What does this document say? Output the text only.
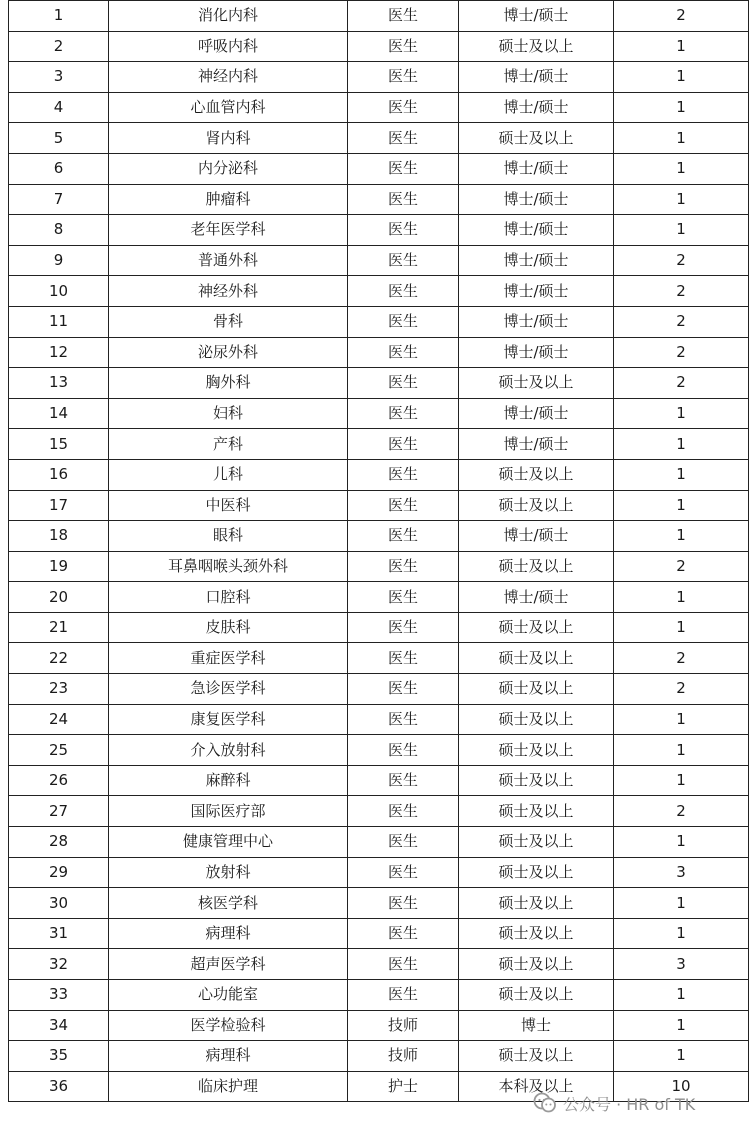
1	消化内科	医生	博士/硕士	2
2	呼吸内科	医生	硕士及以上	1
3	神经内科	医生	博士/硕士	1
4	心血管内科	医生	博士/硕士	1
5	肾内科	医生	硕士及以上	1
6	内分泌科	医生	博士/硕士	1
7	肿瘤科	医生	博士/硕士	1
8	老年医学科	医生	博士/硕士	1
9	普通外科	医生	博士/硕士	2
10	神经外科	医生	博士/硕士	2
11	骨科	医生	博士/硕士	2
12	泌尿外科	医生	博士/硕士	2
13	胸外科	医生	硕士及以上	2
14	妇科	医生	博士/硕士	1
15	产科	医生	博士/硕士	1
16	儿科	医生	硕士及以上	1
17	中医科	医生	硕士及以上	1
18	眼科	医生	博士/硕士	1
19	耳鼻咽喉头颈外科	医生	硕士及以上	2
20	口腔科	医生	博士/硕士	1
21	皮肤科	医生	硕士及以上	1
22	重症医学科	医生	硕士及以上	2
23	急诊医学科	医生	硕士及以上	2
24	康复医学科	医生	硕士及以上	1
25	介入放射科	医生	硕士及以上	1
26	麻醉科	医生	硕士及以上	1
27	国际医疗部	医生	硕士及以上	2
28	健康管理中心	医生	硕士及以上	1
29	放射科	医生	硕士及以上	3
30	核医学科	医生	硕士及以上	1
31	病理科	医生	硕士及以上	1
32	超声医学科	医生	硕士及以上	3
33	心功能室	医生	硕士及以上	1
34	医学检验科	技师	博士	1
35	病理科	技师	硕士及以上	1
36	临床护理	护士	本科及以上	10
公众号 · HR of TK
